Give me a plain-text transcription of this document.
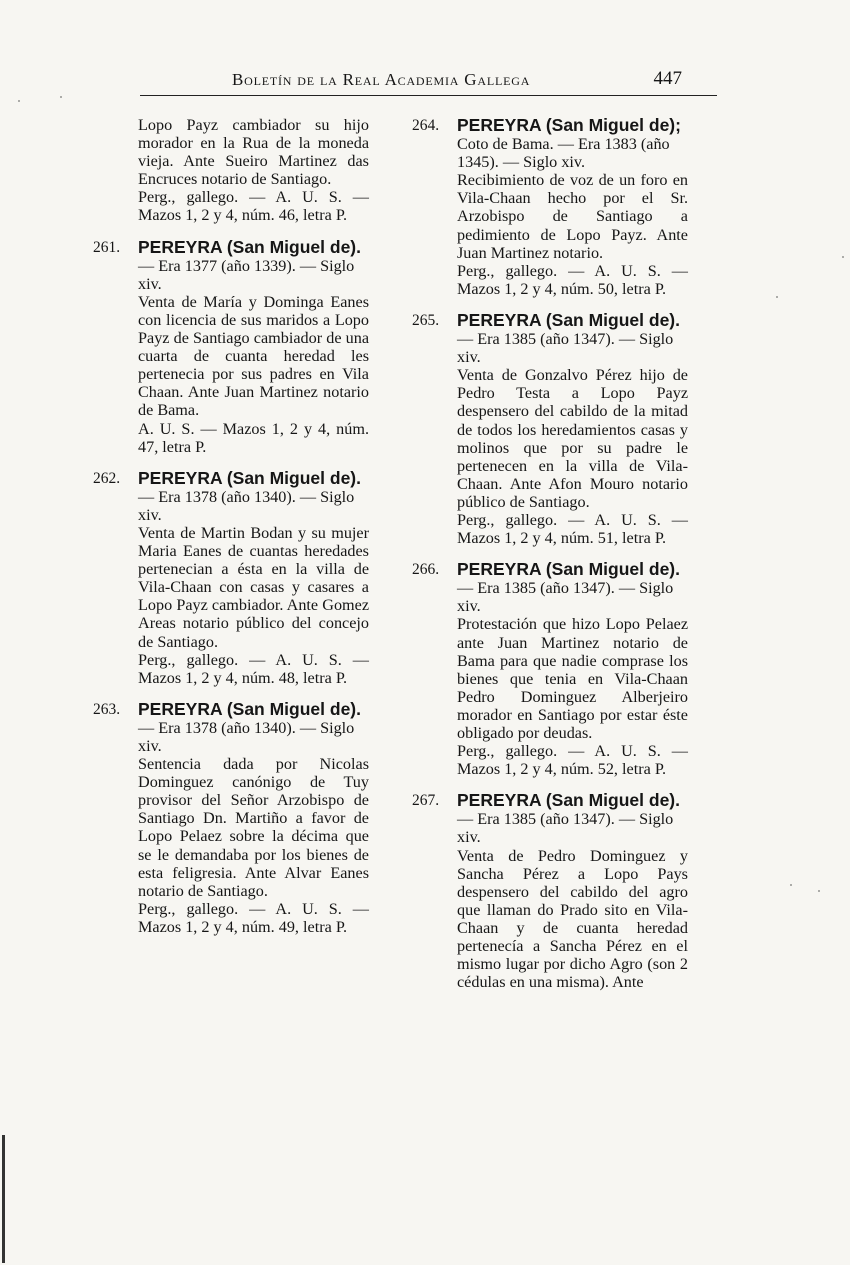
Boletín de la Real Academia Gallega	447
Lopo Payz cambiador su hijo morador en la Rua de la moneda vieja. Ante Sueiro Martinez das Encruces notario de Santiago.
Perg., gallego. — A. U. S. — Mazos 1, 2 y 4, núm. 46, letra P.
261.	PEREYRA (San Miguel de). — Era 1377 (año 1339). — Siglo xiv.
Venta de María y Dominga Eanes con licencia de sus maridos a Lopo Payz de Santiago cambiador de una cuarta de cuanta heredad les pertenecia por sus padres en Vila Chaan. Ante Juan Martinez notario de Bama.
A. U. S. — Mazos 1, 2 y 4, núm. 47, letra P.
262.	PEREYRA (San Miguel de). — Era 1378 (año 1340). — Siglo xiv.
Venta de Martin Bodan y su mujer Maria Eanes de cuantas heredades pertenecian a ésta en la villa de Vila-Chaan con casas y casares a Lopo Payz cambiador. Ante Gomez Areas notario público del concejo de Santiago.
Perg., gallego. — A. U. S. — Mazos 1, 2 y 4, núm. 48, letra P.
263.	PEREYRA (San Miguel de). — Era 1378 (año 1340). — Siglo xiv.
Sentencia dada por Nicolas Dominguez canónigo de Tuy provisor del Señor Arzobispo de Santiago Dn. Martiño a favor de Lopo Pelaez sobre la décima que se le demandaba por los bienes de esta feligresia. Ante Alvar Eanes notario de Santiago.
Perg., gallego. — A. U. S. — Mazos 1, 2 y 4, núm. 49, letra P.
264.	PEREYRA (San Miguel de); Coto de Bama. — Era 1383 (año 1345). — Siglo xiv.
Recibimiento de voz de un foro en Vila-Chaan hecho por el Sr. Arzobispo de Santiago a pedimiento de Lopo Payz. Ante Juan Martinez notario.
Perg., gallego. — A. U. S. — Mazos 1, 2 y 4, núm. 50, letra P.
265.	PEREYRA (San Miguel de). — Era 1385 (año 1347). — Siglo xiv.
Venta de Gonzalvo Pérez hijo de Pedro Testa a Lopo Payz despensero del cabildo de la mitad de todos los heredamientos casas y molinos que por su padre le pertenecen en la villa de Vila-Chaan. Ante Afon Mouro notario público de Santiago.
Perg., gallego. — A. U. S. — Mazos 1, 2 y 4, núm. 51, letra P.
266.	PEREYRA (San Miguel de). — Era 1385 (año 1347). — Siglo xiv.
Protestación que hizo Lopo Pelaez ante Juan Martinez notario de Bama para que nadie comprase los bienes que tenia en Vila-Chaan Pedro Dominguez Alberjeiro morador en Santiago por estar éste obligado por deudas.
Perg., gallego. — A. U. S. — Mazos 1, 2 y 4, núm. 52, letra P.
267.	PEREYRA (San Miguel de). — Era 1385 (año 1347). — Siglo xiv.
Venta de Pedro Dominguez y Sancha Pérez a Lopo Pays despensero del cabildo del agro que llaman do Prado sito en Vila-Chaan y de cuanta heredad pertenecía a Sancha Pérez en el mismo lugar por dicho Agro (son 2 cédulas en una misma). Ante
